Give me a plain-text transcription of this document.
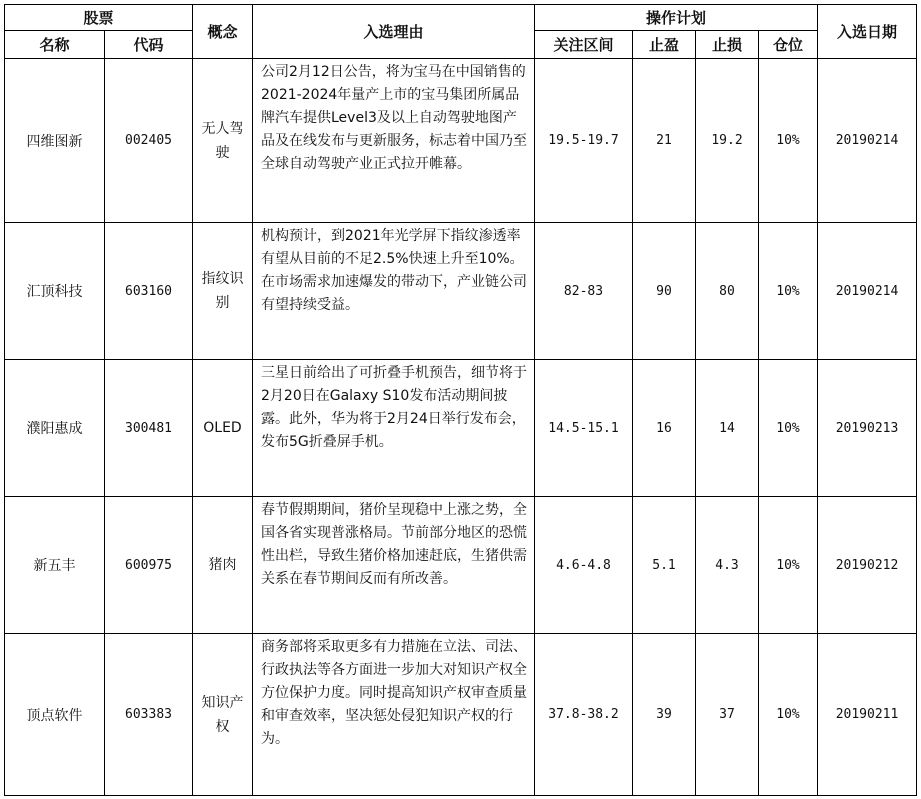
股票		概念	入选理由	操作计划				入选日期
名称	代码			关注区间	止盈	止损	仓位	
四维图新	002405	无人驾驶	公司2月12日公告，将为宝马在中国销售的2021-2024年量产上市的宝马集团所属品牌汽车提供Level3及以上自动驾驶地图产品及在线发布与更新服务，标志着中国乃至全球自动驾驶产业正式拉开帷幕。	19.5-19.7	21	19.2	10%	20190214
汇顶科技	603160	指纹识别	机构预计，到2021年光学屏下指纹渗透率有望从目前的不足2.5%快速上升至10%。在市场需求加速爆发的带动下，产业链公司有望持续受益。	82-83	90	80	10%	20190214
濮阳惠成	300481	OLED	三星日前给出了可折叠手机预告，细节将于2月20日在Galaxy S10发布活动期间披露。此外，华为将于2月24日举行发布会，发布5G折叠屏手机。	14.5-15.1	16	14	10%	20190213
新五丰	600975	猪肉	春节假期期间，猪价呈现稳中上涨之势，全国各省实现普涨格局。节前部分地区的恐慌性出栏，导致生猪价格加速赶底，生猪供需关系在春节期间反而有所改善。	4.6-4.8	5.1	4.3	10%	20190212
顶点软件	603383	知识产权	商务部将采取更多有力措施在立法、司法、行政执法等各方面进一步加大对知识产权全方位保护力度。同时提高知识产权审查质量和审查效率，坚决惩处侵犯知识产权的行为。	37.8-38.2	39	37	10%	20190211
